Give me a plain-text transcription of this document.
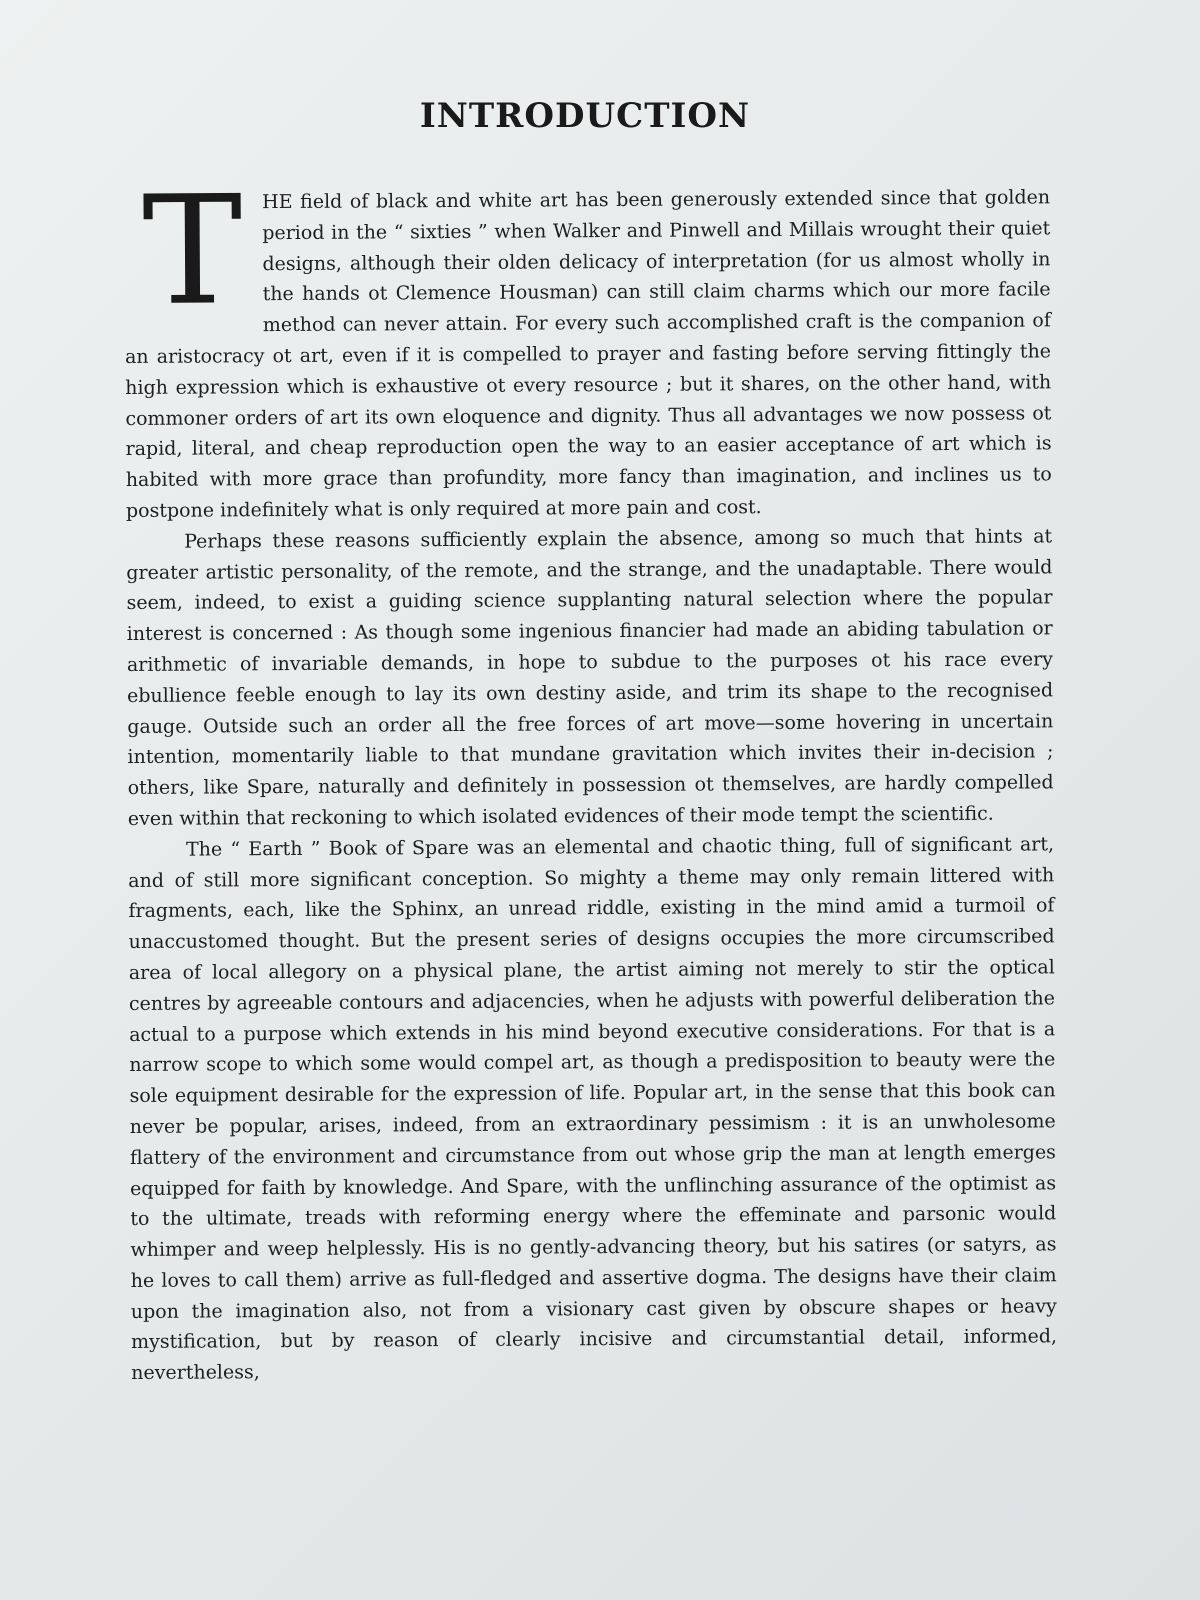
INTRODUCTION

T	HE field of black and white art has been generously extended since that golden period in the “ sixties ” when Walker and Pinwell and Millais wrought their quiet designs, although their olden delicacy of interpretation (for us almost wholly in the hands ot Clemence Housman) can still claim charms which our more facile method can never attain. For every such accomplished craft is the companion of an aristocracy ot art, even if it is compelled to prayer and fasting before serving fittingly the high expression which is exhaustive ot every resource ; but it shares, on the other hand, with commoner orders of art its own eloquence and dignity. Thus all advantages we now possess ot rapid, literal, and cheap reproduction open the way to an easier acceptance of art which is habited with more grace than profundity, more fancy than imagination, and inclines us to postpone indefinitely what is only required at more pain and cost.

Perhaps these reasons sufficiently explain the absence, among so much that hints at greater artistic personality, of the remote, and the strange, and the unadaptable. There would seem, indeed, to exist a guiding science supplanting natural selection where the popular interest is concerned : As though some ingenious financier had made an abiding tabulation or arithmetic of invariable demands, in hope to subdue to the purposes ot his race every ebullience feeble enough to lay its own destiny aside, and trim its shape to the recognised gauge. Outside such an order all the free forces of art move—some hovering in uncertain intention, momentarily liable to that mundane gravitation which invites their in-decision ; others, like Spare, naturally and definitely in possession ot themselves, are hardly compelled even within that reckoning to which isolated evidences of their mode tempt the scientific.

The “ Earth ” Book of Spare was an elemental and chaotic thing, full of significant art, and of still more significant conception. So mighty a theme may only remain littered with fragments, each, like the Sphinx, an unread riddle, existing in the mind amid a turmoil of unaccustomed thought. But the present series of designs occupies the more circumscribed area of local allegory on a physical plane, the artist aiming not merely to stir the optical centres by agreeable contours and adjacencies, when he adjusts with powerful deliberation the actual to a purpose which extends in his mind beyond executive considerations. For that is a narrow scope to which some would compel art, as though a predisposition to beauty were the sole equipment desirable for the expression of life. Popular art, in the sense that this book can never be popular, arises, indeed, from an extraordinary pessimism : it is an unwholesome flattery of the environment and circumstance from out whose grip the man at length emerges equipped for faith by knowledge. And Spare, with the unflinching assurance of the optimist as to the ultimate, treads with reforming energy where the effeminate and parsonic would whimper and weep helplessly. His is no gently-advancing theory, but his satires (or satyrs, as he loves to call them) arrive as full-fledged and assertive dogma. The designs have their claim upon the imagination also, not from a visionary cast given by obscure shapes or heavy mystification, but by reason of clearly incisive and circumstantial detail, informed, nevertheless,
